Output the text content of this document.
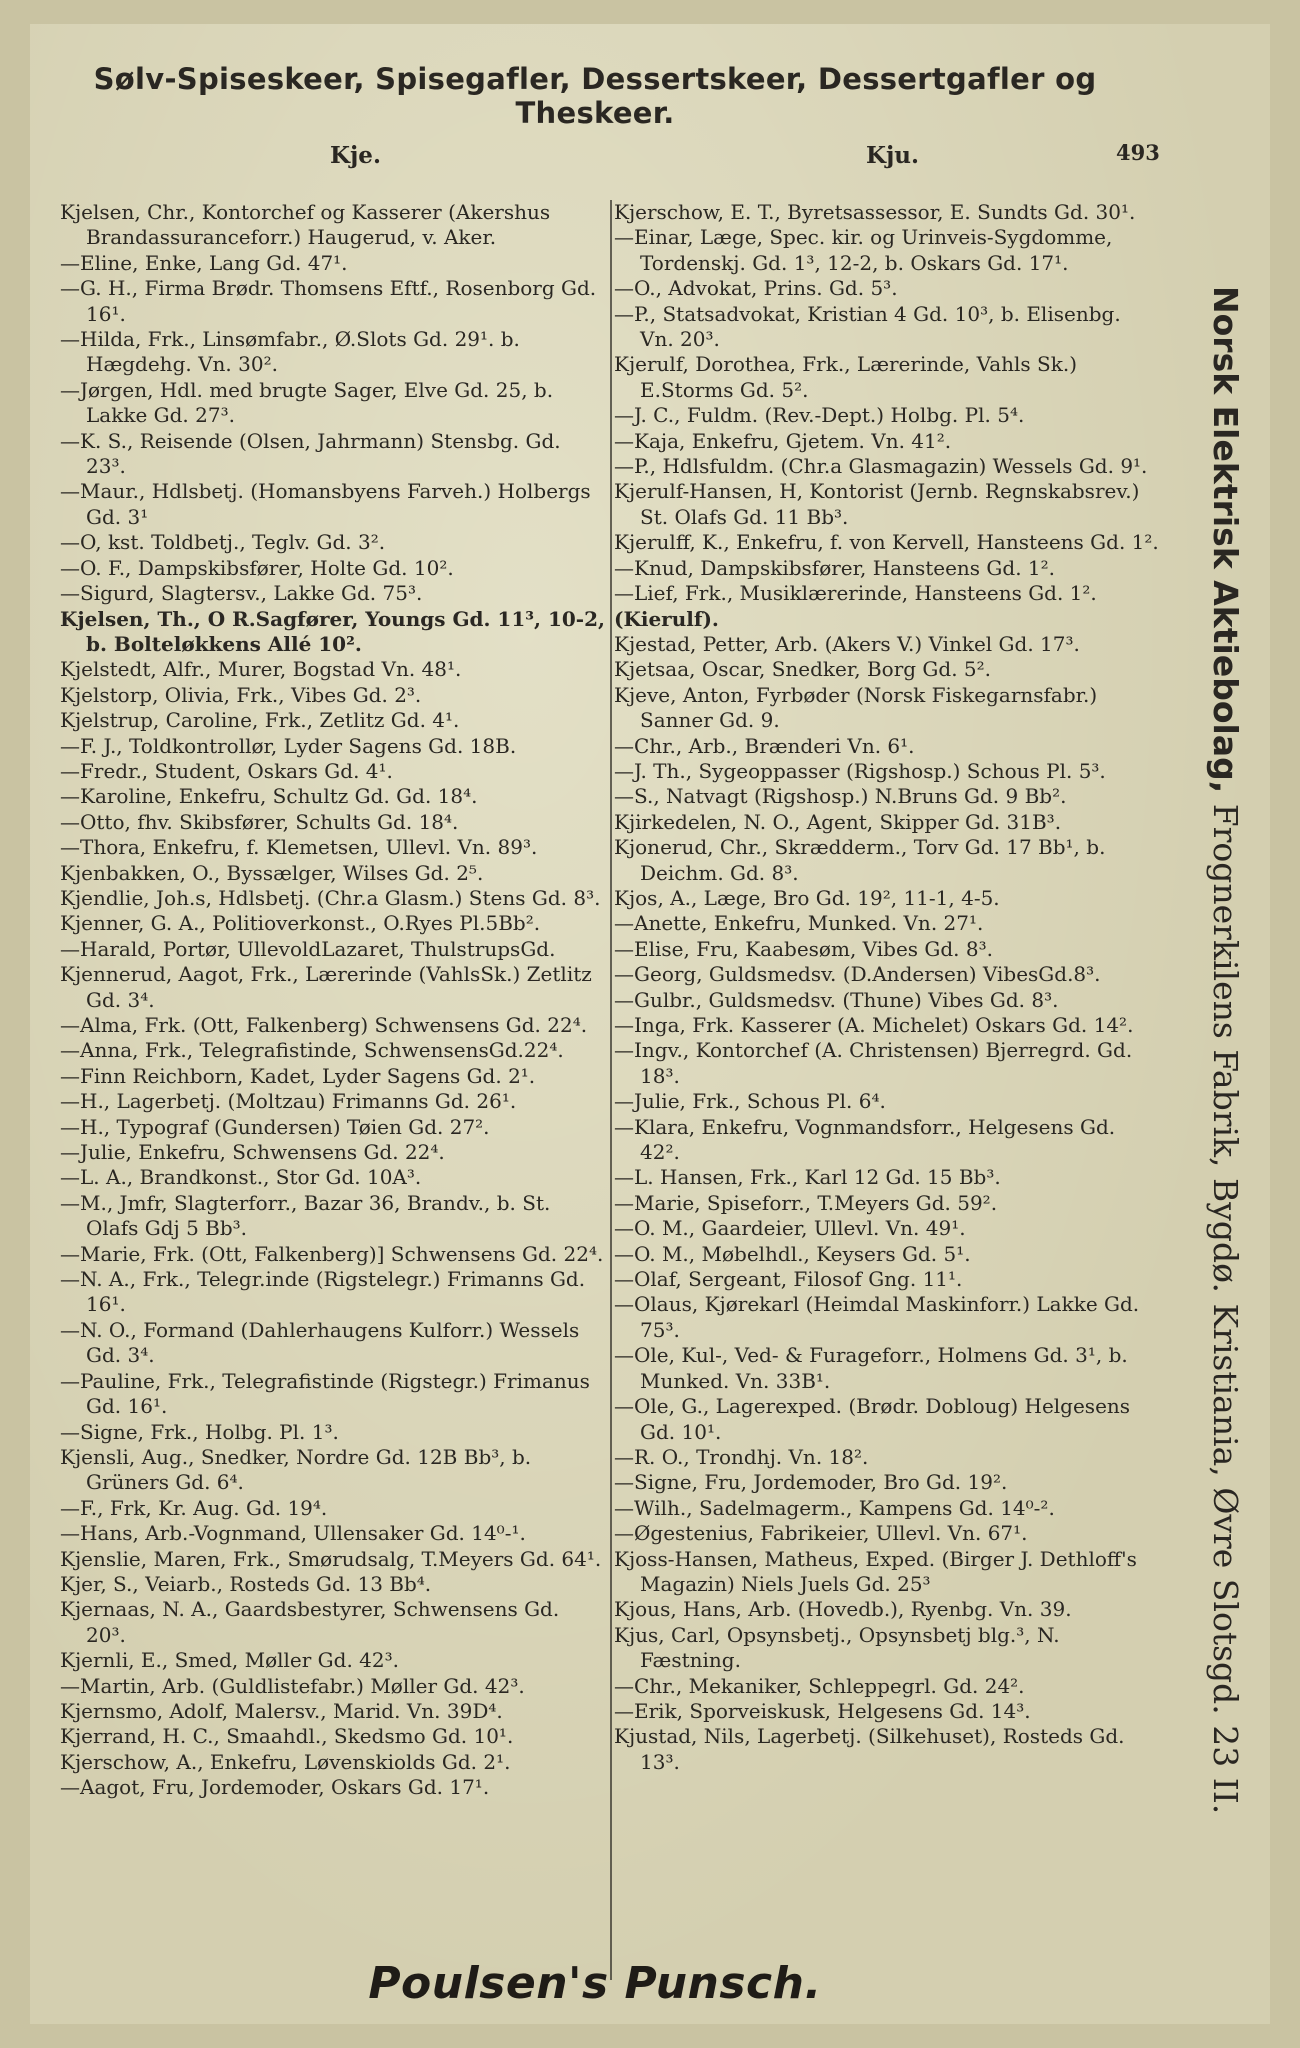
Sølv-Spiseskeer, Spisegafler, Dessertskeer, Dessertgafler og Theskeer.
Kje.	Kju.	493
Kjelsen, Chr., Kontorchef og Kasserer (Akershus Brandassuranceforr.) Haugerud, v. Aker.
—Eline, Enke, Lang Gd. 47¹.
—G. H., Firma Brødr. Thomsens Eftf., Rosenborg Gd. 16¹.
—Hilda, Frk., Linsømfabr., Ø.Slots Gd. 29¹. b. Hægdehg. Vn. 30².
—Jørgen, Hdl. med brugte Sager, Elve Gd. 25, b. Lakke Gd. 27³.
—K. S., Reisende (Olsen, Jahrmann) Stensbg. Gd. 23³.
—Maur., Hdlsbetj. (Homansbyens Farveh.) Holbergs Gd. 3¹
—O, kst. Toldbetj., Teglv. Gd. 3².
—O. F., Dampskibsfører, Holte Gd. 10².
—Sigurd, Slagtersv., Lakke Gd. 75³.
Kjelsen, Th., O R.Sagfører, Youngs Gd. 11³, 10-2, b. Bolteløkkens Allé 10².
Kjelstedt, Alfr., Murer, Bogstad Vn. 48¹.
Kjelstorp, Olivia, Frk., Vibes Gd. 2³.
Kjelstrup, Caroline, Frk., Zetlitz Gd. 4¹.
—F. J., Toldkontrollør, Lyder Sagens Gd. 18B.
—Fredr., Student, Oskars Gd. 4¹.
—Karoline, Enkefru, Schultz Gd. Gd. 18⁴.
—Otto, fhv. Skibsfører, Schults Gd. 18⁴.
—Thora, Enkefru, f. Klemetsen, Ullevl. Vn. 89³.
Kjenbakken, O., Byssælger, Wilses Gd. 2⁵.
Kjendlie, Joh.s, Hdlsbetj. (Chr.a Glasm.) Stens Gd. 8³.
Kjenner, G. A., Politioverkonst., O.Ryes Pl.5Bb².
—Harald, Portør, UllevoldLazaret, ThulstrupsGd.
Kjennerud, Aagot, Frk., Lærerinde (VahlsSk.) Zetlitz Gd. 3⁴.
—Alma, Frk. (Ott, Falkenberg) Schwensens Gd. 22⁴.
—Anna, Frk., Telegrafistinde, SchwensensGd.22⁴.
—Finn Reichborn, Kadet, Lyder Sagens Gd. 2¹.
—H., Lagerbetj. (Moltzau) Frimanns Gd. 26¹.
—H., Typograf (Gundersen) Tøien Gd. 27².
—Julie, Enkefru, Schwensens Gd. 22⁴.
—L. A., Brandkonst., Stor Gd. 10A³.
—M., Jmfr, Slagterforr., Bazar 36, Brandv., b. St. Olafs Gdj 5 Bb³.
—Marie, Frk. (Ott, Falkenberg)] Schwensens Gd. 22⁴.
—N. A., Frk., Telegr.inde (Rigstelegr.) Frimanns Gd. 16¹.
—N. O., Formand (Dahlerhaugens Kulforr.) Wessels Gd. 3⁴.
—Pauline, Frk., Telegrafistinde (Rigstegr.) Frimanus Gd. 16¹.
—Signe, Frk., Holbg. Pl. 1³.
Kjensli, Aug., Snedker, Nordre Gd. 12B Bb³, b. Grüners Gd. 6⁴.
—F., Frk, Kr. Aug. Gd. 19⁴.
—Hans, Arb.-Vognmand, Ullensaker Gd. 14⁰-¹.
Kjenslie, Maren, Frk., Smørudsalg, T.Meyers Gd. 64¹.
Kjer, S., Veiarb., Rosteds Gd. 13 Bb⁴.
Kjernaas, N. A., Gaardsbestyrer, Schwensens Gd. 20³.
Kjernli, E., Smed, Møller Gd. 42³.
—Martin, Arb. (Guldlistefabr.) Møller Gd. 42³.
Kjernsmo, Adolf, Malersv., Marid. Vn. 39D⁴.
Kjerrand, H. C., Smaahdl., Skedsmo Gd. 10¹.
Kjerschow, A., Enkefru, Løvenskiolds Gd. 2¹.
—Aagot, Fru, Jordemoder, Oskars Gd. 17¹.
Kjerschow, E. T., Byretsassessor, E. Sundts Gd. 30¹.
—Einar, Læge, Spec. kir. og Urinveis-Sygdomme, Tordenskj. Gd. 1³, 12-2, b. Oskars Gd. 17¹.
—O., Advokat, Prins. Gd. 5³.
—P., Statsadvokat, Kristian 4 Gd. 10³, b. Elisenbg. Vn. 20³.
Kjerulf, Dorothea, Frk., Lærerinde, Vahls Sk.) E.Storms Gd. 5².
—J. C., Fuldm. (Rev.-Dept.) Holbg. Pl. 5⁴.
—Kaja, Enkefru, Gjetem. Vn. 41².
—P., Hdlsfuldm. (Chr.a Glasmagazin) Wessels Gd. 9¹.
Kjerulf-Hansen, H, Kontorist (Jernb. Regnskabsrev.) St. Olafs Gd. 11 Bb³.
Kjerulff, K., Enkefru, f. von Kervell, Hansteens Gd. 1².
—Knud, Dampskibsfører, Hansteens Gd. 1².
—Lief, Frk., Musiklærerinde, Hansteens Gd. 1².
(Kierulf).
Kjestad, Petter, Arb. (Akers V.) Vinkel Gd. 17³.
Kjetsaa, Oscar, Snedker, Borg Gd. 5².
Kjeve, Anton, Fyrbøder (Norsk Fiskegarnsfabr.) Sanner Gd. 9.
—Chr., Arb., Brænderi Vn. 6¹.
—J. Th., Sygeoppasser (Rigshosp.) Schous Pl. 5³.
—S., Natvagt (Rigshosp.) N.Bruns Gd. 9 Bb².
Kjirkedelen, N. O., Agent, Skipper Gd. 31B³.
Kjonerud, Chr., Skrædderm., Torv Gd. 17 Bb¹, b. Deichm. Gd. 8³.
Kjos, A., Læge, Bro Gd. 19², 11-1, 4-5.
—Anette, Enkefru, Munked. Vn. 27¹.
—Elise, Fru, Kaabesøm, Vibes Gd. 8³.
—Georg, Guldsmedsv. (D.Andersen) VibesGd.8³.
—Gulbr., Guldsmedsv. (Thune) Vibes Gd. 8³.
—Inga, Frk. Kasserer (A. Michelet) Oskars Gd. 14².
—Ingv., Kontorchef (A. Christensen) Bjerregrd. Gd. 18³.
—Julie, Frk., Schous Pl. 6⁴.
—Klara, Enkefru, Vognmandsforr., Helgesens Gd. 42².
—L. Hansen, Frk., Karl 12 Gd. 15 Bb³.
—Marie, Spiseforr., T.Meyers Gd. 59².
—O. M., Gaardeier, Ullevl. Vn. 49¹.
—O. M., Møbelhdl., Keysers Gd. 5¹.
—Olaf, Sergeant, Filosof Gng. 11¹.
—Olaus, Kjørekarl (Heimdal Maskinforr.) Lakke Gd. 75³.
—Ole, Kul-, Ved- & Furageforr., Holmens Gd. 3¹, b. Munked. Vn. 33B¹.
—Ole, G., Lagerexped. (Brødr. Dobloug) Helgesens Gd. 10¹.
—R. O., Trondhj. Vn. 18².
—Signe, Fru, Jordemoder, Bro Gd. 19².
—Wilh., Sadelmagerm., Kampens Gd. 14⁰-².
—Øgestenius, Fabrikeier, Ullevl. Vn. 67¹.
Kjoss-Hansen, Matheus, Exped. (Birger J. Dethloff's Magazin) Niels Juels Gd. 25³
Kjous, Hans, Arb. (Hovedb.), Ryenbg. Vn. 39.
Kjus, Carl, Opsynsbetj., Opsynsbetj blg.³, N. Fæstning.
—Chr., Mekaniker, Schleppegrl. Gd. 24².
—Erik, Sporveiskusk, Helgesens Gd. 14³.
Kjustad, Nils, Lagerbetj. (Silkehuset), Rosteds Gd. 13³.
Norsk Elektrisk Aktiebolag, Frognerkilens Fabrik, Bygdø. Kristiania, Øvre Slotsgd. 23 II.
Poulsen's Punsch.
